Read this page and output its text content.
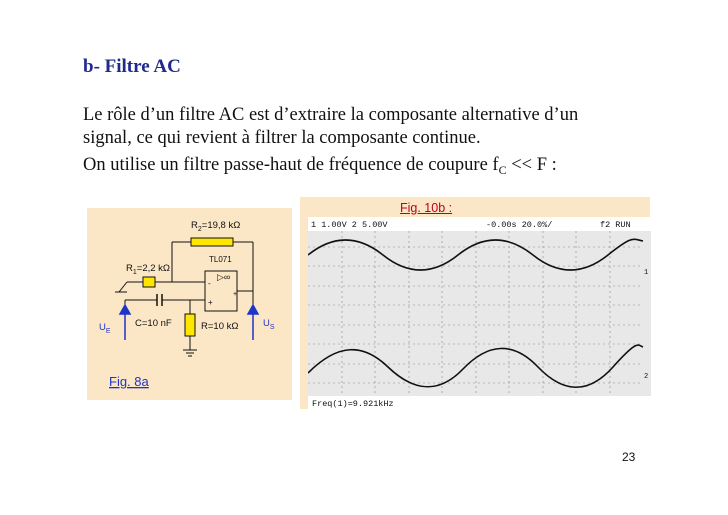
b- Filtre AC
Le rôle d’un filtre AC est d’extraire la composante alternative d’un
signal, ce qui revient à filtrer la composante continue.
On utilise un filtre passe-haut de fréquence de coupure $f_C << F$ :
$R_2=19,8$ kΩ
TL071
▷∞
$R_1=2,2$ kΩ
-
+
+
C=10 nF	R=10 kΩ
$U_E$
$U_S$
Fig. 8a
Fig. 10b :
1 1.00V 2 5.00V	-0.00s 20.0%/	f2 RUN
Freq(1)=9.921kHz
1
2
23
